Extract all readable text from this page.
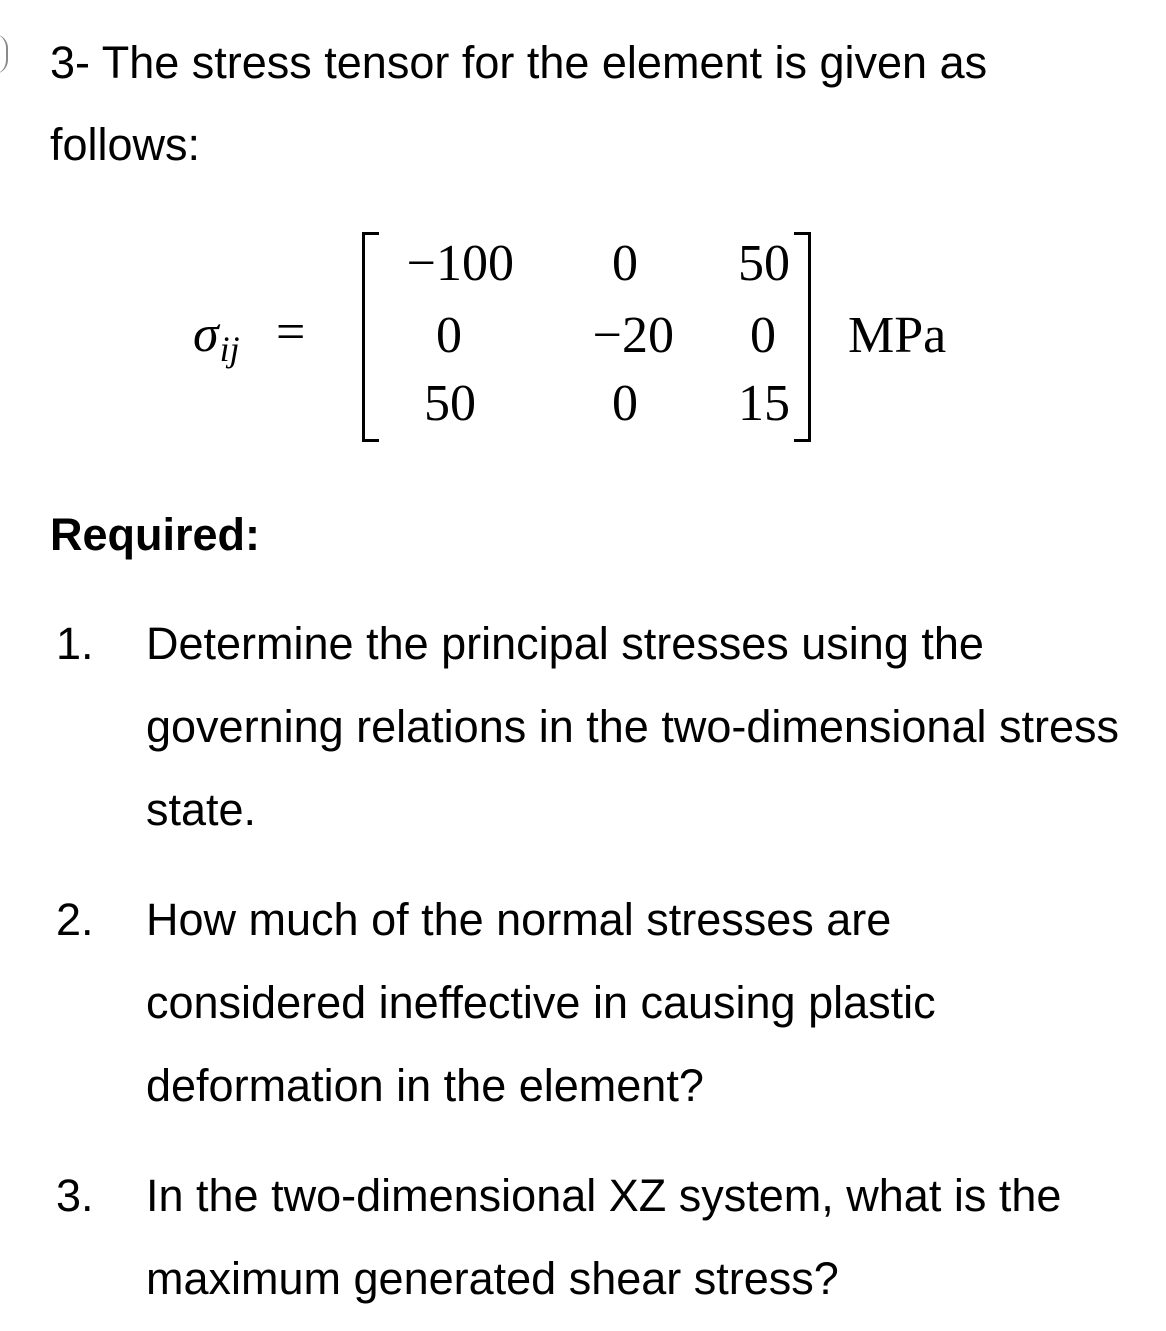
3- The stress tensor for the element is given as follows:

σij =
−100	0	50
0	−20	0
50	0	15
MPa

Required:

1. Determine the principal stresses using the governing relations in the two-dimensional stress state.

2. How much of the normal stresses are considered ineffective in causing plastic deformation in the element?

3. In the two-dimensional XZ system, what is the maximum generated shear stress?
